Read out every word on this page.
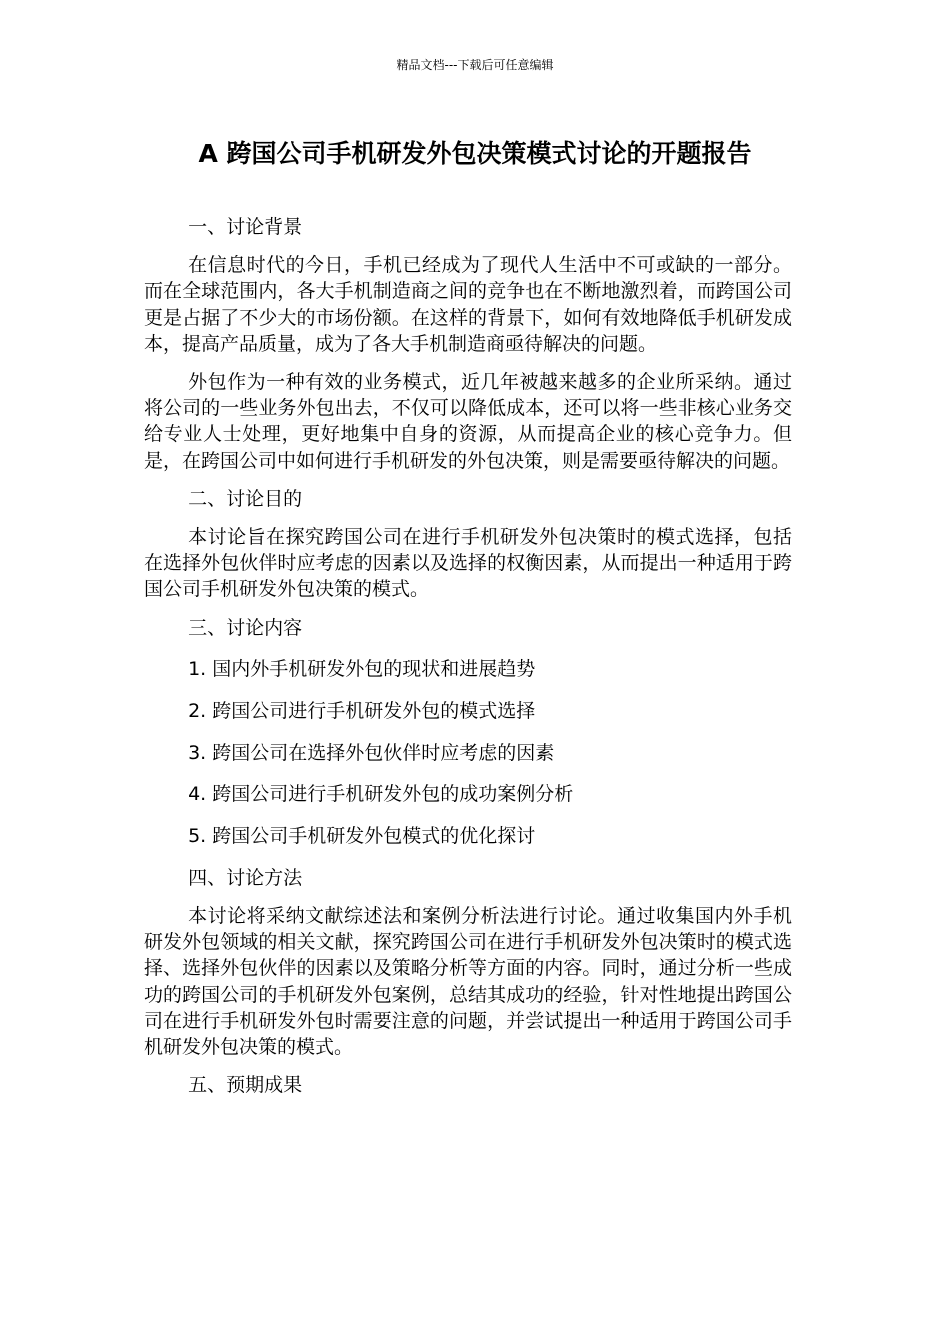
精品文档---下载后可任意编辑
A 跨国公司手机研发外包决策模式讨论的开题报告

一、讨论背景

在信息时代的今日，手机已经成为了现代人生活中不可或缺的一部分。而在全球范围内，各大手机制造商之间的竞争也在不断地激烈着，而跨国公司更是占据了不少大的市场份额。在这样的背景下，如何有效地降低手机研发成本，提高产品质量，成为了各大手机制造商亟待解决的问题。

外包作为一种有效的业务模式，近几年被越来越多的企业所采纳。通过将公司的一些业务外包出去，不仅可以降低成本，还可以将一些非核心业务交给专业人士处理，更好地集中自身的资源，从而提高企业的核心竞争力。但是，在跨国公司中如何进行手机研发的外包决策，则是需要亟待解决的问题。

二、讨论目的

本讨论旨在探究跨国公司在进行手机研发外包决策时的模式选择，包括在选择外包伙伴时应考虑的因素以及选择的权衡因素，从而提出一种适用于跨国公司手机研发外包决策的模式。

三、讨论内容

1. 国内外手机研发外包的现状和进展趋势

2. 跨国公司进行手机研发外包的模式选择

3. 跨国公司在选择外包伙伴时应考虑的因素

4. 跨国公司进行手机研发外包的成功案例分析

5. 跨国公司手机研发外包模式的优化探讨

四、讨论方法

本讨论将采纳文献综述法和案例分析法进行讨论。通过收集国内外手机研发外包领域的相关文献，探究跨国公司在进行手机研发外包决策时的模式选择、选择外包伙伴的因素以及策略分析等方面的内容。同时，通过分析一些成功的跨国公司的手机研发外包案例，总结其成功的经验，针对性地提出跨国公司在进行手机研发外包时需要注意的问题，并尝试提出一种适用于跨国公司手机研发外包决策的模式。

五、预期成果
